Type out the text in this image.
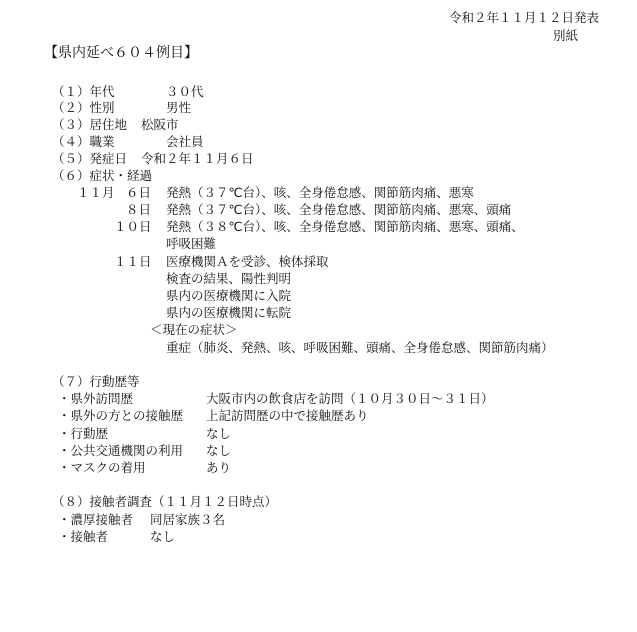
令和２年１１月１２日発表
別紙
【県内延べ６０４例目】
（１）年代	３０代
（２）性別	男性
（３）居住地 松阪市
（４）職業	会社員
（５）発症日 令和２年１１月６日
（６）症状・経過
１１月 ６日 発熱（３７℃台）、咳、全身倦怠感、関節筋肉痛、悪寒
８日 発熱（３７℃台）、咳、全身倦怠感、関節筋肉痛、悪寒、頭痛
１０日 発熱（３８℃台）、咳、全身倦怠感、関節筋肉痛、悪寒、頭痛、
呼吸困難
１１日 医療機関Ａを受診、検体採取
検査の結果、陽性判明
県内の医療機関に入院
県内の医療機関に転院
＜現在の症状＞
重症（肺炎、発熱、咳、呼吸困難、頭痛、全身倦怠感、関節筋肉痛）
（７）行動歴等
・県外訪問歴	大阪市内の飲食店を訪問（１０月３０日～３１日）
・県外の方との接触歴 上記訪問歴の中で接触歴あり
・行動歴	なし
・公共交通機関の利用 なし
・マスクの着用	あり
（８）接触者調査（１１月１２日時点）
・濃厚接触者 同居家族３名
・接触者	なし
